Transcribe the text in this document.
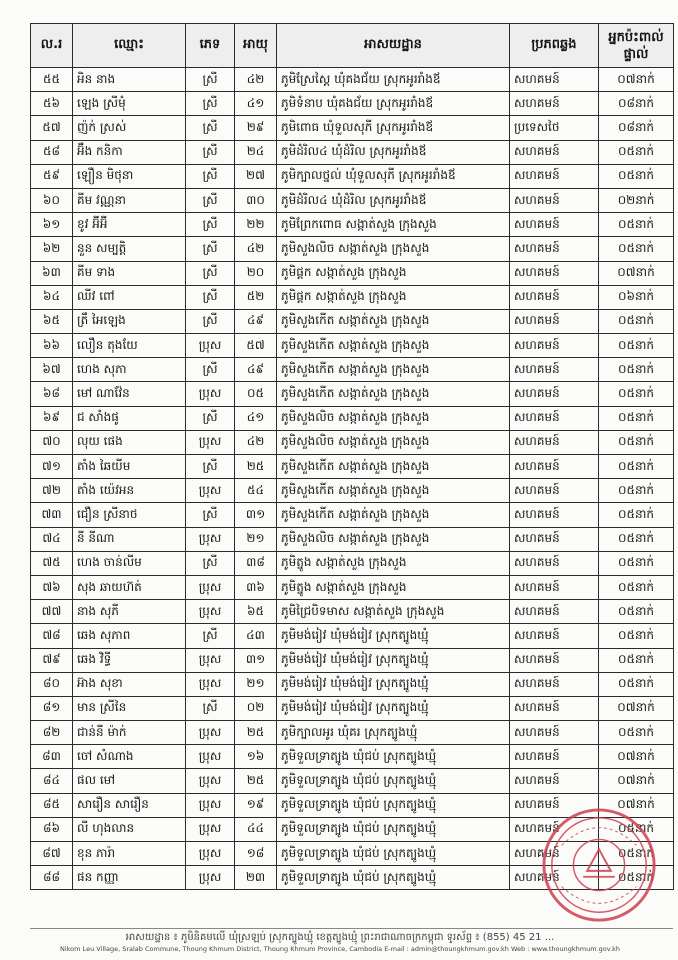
ល.រ	ឈ្មោះ	ភេទ	អាយុ	អាសយដ្ឋាន	ប្រភពឆ្លង	អ្នកប៉ះពាល់ផ្ទាល់
៥៥	អិន នាង	ស្រី	៤២	ភូមិស្រែស្តៃ ឃុំគងជ័យ ស្រុកអូររាំងឪ	សហគមន៍	០៧នាក់
៥៦	ឡេង ស្រីមុំ	ស្រី	៤១	ភូមិទំនាប ឃុំគងជ័យ ស្រុកអូររាំងឪ	សហគមន៍	០៨នាក់
៥៧	ញ៉ក់ ស្រស់	ស្រី	២៩	ភូមិពោធ ឃុំទួលសុភី ស្រុកអូររាំងឪ	ប្រទេសថៃ	០៨នាក់
៥៨	អ៊ឹង កនិកា	ស្រី	២៤	ភូមិដំរិល៤ ឃុំដំរិល ស្រុកអូររាំងឪ	សហគមន៍	០៥នាក់
៥៩	ឡឿន មិថុនា	ស្រី	២៧	ភូមិក្បាលថ្នល់ ឃុំទួលសុភី ស្រុកអូររាំងឪ	សហគមន៍	០៥នាក់
៦០	គីម វណ្ណនា	ស្រី	៣០	ភូមិដំរិល៤ ឃុំដំរិល ស្រុកអូររាំងឪ	សហគមន៍	០២នាក់
៦១	ខូវ អ៊ីអ៊ី	ស្រី	២២	ភូមិព្រែកពោធ សង្កាត់សួង ក្រុងសួង	សហគមន៍	០៥នាក់
៦២	នួន សម្បត្តិ	ស្រី	៤២	ភូមិសួងលិច សង្កាត់សួង ក្រុងសួង	សហគមន៍	០៥នាក់
៦៣	គីម ទាង	ស្រី	២០	ភូមិផ្គក សង្កាត់សួង ក្រុងសួង	សហគមន៍	០៧នាក់
៦៤	ឈីវ ពៅ	ស្រី	៥២	ភូមិផ្គក សង្កាត់សួង ក្រុងសួង	សហគមន៍	០៦នាក់
៦៥	ត្រឹ អៃឡេង	ស្រី	៤៩	ភូមិសួងកើត សង្កាត់សួង ក្រុងសួង	សហគមន៍	០៥នាក់
៦៦	លឿន តុងយែ	ប្រុស	៥៧	ភូមិសួងកើត សង្កាត់សួង ក្រុងសួង	សហគមន៍	០៥នាក់
៦៧	ហេង សុភា	ស្រី	៤៩	ភូមិសួងកើត សង្កាត់សួង ក្រុងសួង	សហគមន៍	០៥នាក់
៦៨	មៅ ណាវ៉ែន	ប្រុស	០៥	ភូមិសួងកើត សង្កាត់សួង ក្រុងសួង	សហគមន៍	០៥នាក់
៦៩	ជ សាំងផូ	ស្រី	៤១	ភូមិសួងលិច សង្កាត់សួង ក្រុងសួង	សហគមន៍	០៥នាក់
៧០	លុយ ផេង	ប្រុស	៤២	ភូមិសួងលិច សង្កាត់សួង ក្រុងសួង	សហគមន៍	០៥នាក់
៧១	តាំង ឆៃយីម	ស្រី	២៥	ភូមិសួងកើត សង្កាត់សួង ក្រុងសួង	សហគមន៍	០៥នាក់
៧២	តាំង យ៉េវអន	ប្រុស	៥៤	ភូមិសួងកើត សង្កាត់សួង ក្រុងសួង	សហគមន៍	០៥នាក់
៧៣	ជឿន ស្រីនាថ	ស្រី	៣១	ភូមិសួងកើត សង្កាត់សួង ក្រុងសួង	សហគមន៍	០៥នាក់
៧៤	នី នីណា	ប្រុស	២១	ភូមិសួងលិច សង្កាត់សួង ក្រុងសួង	សហគមន៍	០៥នាក់
៧៥	ហេង ចាន់លីម	ស្រី	៣៨	ភូមិត្នូង សង្កាត់សួង ក្រុងសួង	សហគមន៍	០៥នាក់
៧៦	សុង ឆាយហ៊ត់	ប្រុស	៣៦	ភូមិត្នូង សង្កាត់សួង ក្រុងសួង	សហគមន៍	០៥នាក់
៧៧	នាង សុភី	ប្រុស	៦៥	ភូមិជ្រៃបិទមាស សង្កាត់សួង ក្រុងសួង	សហគមន៍	០៥នាក់
៧៨	ឆេង សុភាព	ស្រី	៤៣	ភូមិមង់រៀវ ឃុំមង់រៀវ ស្រុកត្បូងឃ្មុំ	សហគមន៍	០៥នាក់
៧៩	ឆេង វិទ្ធី	ប្រុស	៣១	ភូមិមង់រៀវ ឃុំមង់រៀវ ស្រុកត្បូងឃ្មុំ	សហគមន៍	០៥នាក់
៨០	អ៊ាង សុខា	ប្រុស	២១	ភូមិមង់រៀវ ឃុំមង់រៀវ ស្រុកត្បូងឃ្មុំ	សហគមន៍	០៥នាក់
៨១	មាន ស្រីនៃ	ស្រី	០២	ភូមិមង់រៀវ ឃុំមង់រៀវ ស្រុកត្បូងឃ្មុំ	សហគមន៍	០៧នាក់
៨២	ជាន់នី ម៉ាក់	ប្រុស	២៥	ភូមិក្បាលអូរ ឃុំគរ ស្រុកត្បូងឃ្មុំ	សហគមន៍	០៥នាក់
៨៣	ចៅ សំណាង	ប្រុស	១៦	ភូមិទួលទ្រាត្បូង ឃុំជប់ ស្រុកត្បូងឃ្មុំ	សហគមន៍	០៧នាក់
៨៤	ផល មៅ	ប្រុស	២៥	ភូមិទួលទ្រាត្បូង ឃុំជប់ ស្រុកត្បូងឃ្មុំ	សហគមន៍	០៧នាក់
៨៥	សារឿន សារឿន	ប្រុស	១៩	ភូមិទួលទ្រាត្បូង ឃុំជប់ ស្រុកត្បូងឃ្មុំ	សហគមន៍	០៧នាក់
៨៦	លី ហុងលាន	ប្រុស	៤៤	ភូមិទួលទ្រាត្បូង ឃុំជប់ ស្រុកត្បូងឃ្មុំ	សហគមន៍	០៥នាក់
៨៧	ខុន ភារ៉ា	ប្រុស	១៨	ភូមិទួលទ្រាត្បូង ឃុំជប់ ស្រុកត្បូងឃ្មុំ	សហគមន៍	០៥នាក់
៨៨	ផន កញ្ញា	ប្រុស	២៣	ភូមិទួលទ្រាត្បូង ឃុំជប់ ស្រុកត្បូងឃ្មុំ	សហគមន៍	០៥នាក់
អាសយដ្ឋាន ៖ ភូមិនិគមលើ ឃុំស្រឡប់ ស្រុកត្បូងឃ្មុំ ខេត្តត្បូងឃ្មុំ ព្រះរាជាណាចក្រកម្ពុជា ទូរស័ព្ទ ៖ (855) 45 21 ...
Nikom Leu Village, Sralab Commune, Thoung Khmum District, Thoung Khmum Province, Cambodia E-mail : admin@thoungkhmum.gov.kh Web : www.thoungkhmum.gov.kh
